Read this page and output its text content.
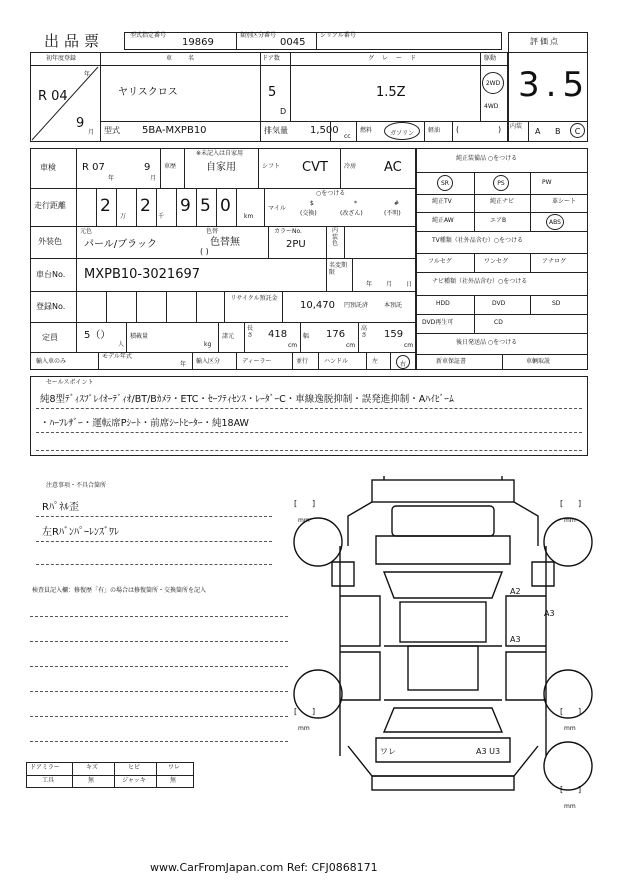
出品票	型式指定番号
19869
類別区分番号
0045
シリアル番号
評価点
3.5
初年度登録
年
R 04
9
月
車名
ヤリスクロス
ドア数
5
D
グレード
1.5Z
駆動
2WD
4WD
型式 5BA-MXPB10	排気量 1,500
cc
燃料	ガソリン	軽油 (	) 内装
A B	C
車検	R 07
年
9
月
車歴
※未記入は自家用
自家用	シフト CVT	冷房 AC
走行距離 2
万
2
千
9 5 0
km
○をつける
マイル
$
(交換)
*
(改ざん)
#
(不明)
外装色
元色
パール/ブラック
色替
色替無
( )
カラーNo.
2PU
内装色
車台No. MXPB10-3021697
名変期限
年 月 日
登録No.
リサイクル預託金
10,470 円預託済	本預託
定員	5（）
人
積載量
kg
諸元
長さ 418
cm
幅 176
cm
高さ 159
cm
輸入車のみ
モデル年式
年 輸入区分	ディーラー	並行	ハンドル	左	右
純正装備品 ○をつける
SR	PS	PW
純正TV	純正ナビ	革シート
純正AW	エアB	ABS
TV種類（社外品含む）○をつける
フルセグ	ワンセグ	アナログ
ナビ種類（社外品含む）○をつける
HDD	DVD	SD
DVD再生可	CD
後日発送品 ○をつける
新車保証書	車輌取説
セールスポイント
純8型ﾃﾞｨｽﾌﾟﾚｲｵｰﾃﾞｨｵ/BT/Bｶﾒﾗ・ETC・ｾｰﾌﾃｨｾﾝｽ・ﾚｰﾀﾞｰC・車線逸脱抑制・誤発進抑制・Aﾊｲﾋﾞｰﾑ
・ﾊｰﾌﾚｻﾞｰ・運転席Pｼｰﾄ・前席ｼｰﾄﾋｰﾀｰ・純18AW
注意事項・不具合箇所
Rﾊﾟﾈﾙ歪
左Rﾊﾞﾝﾊﾟｰﾚﾝｽﾞﾜﾚ
検査員記入欄：修復歴「有」の場合は修復箇所・交換箇所を記入
[ ]
mm
[ ]
mm
[ ]
mm
[ ]
mm
[ ]
mm
A2
A3
A3
ワレ	A3 U3
ドアミラー	キズ	ヒビ	ワレ
工具	無	ジャッキ	無
www.CarFromJapan.com Ref: CFJ0868171
